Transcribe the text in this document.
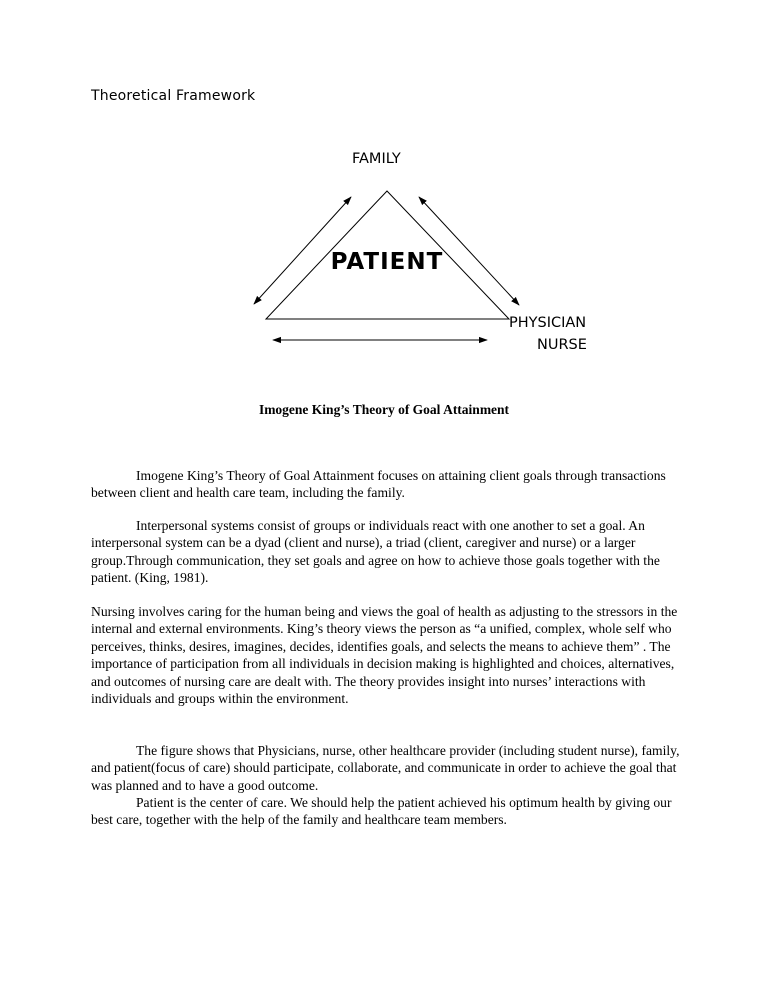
Theoretical Framework
FAMILY
PATIENT
PHYSICIAN
NURSE
Imogene King’s Theory of Goal Attainment

Imogene King’s Theory of Goal Attainment focuses on attaining client goals through transactions between client and health care team, including the family.

Interpersonal systems consist of groups or individuals react with one another to set a goal. An interpersonal system can be a dyad (client and nurse), a triad (client, caregiver and nurse) or a larger group.Through communication, they set goals and agree on how to achieve those goals together with the patient. (King, 1981).

Nursing involves caring for the human being and views the goal of health as adjusting to the stressors in the internal and external environments. King’s theory views the person as “a unified, complex, whole self who perceives, thinks, desires, imagines, decides, identifies goals, and selects the means to achieve them” . The importance of participation from all individuals in decision making is highlighted and choices, alternatives, and outcomes of nursing care are dealt with. The theory provides insight into nurses’ interactions with individuals and groups within the environment.

The figure shows that Physicians, nurse, other healthcare provider (including student nurse), family, and patient(focus of care) should participate, collaborate, and communicate in order to achieve the goal that was planned and to have a good outcome.

Patient is the center of care. We should help the patient achieved his optimum health by giving our best care, together with the help of the family and healthcare team members.
